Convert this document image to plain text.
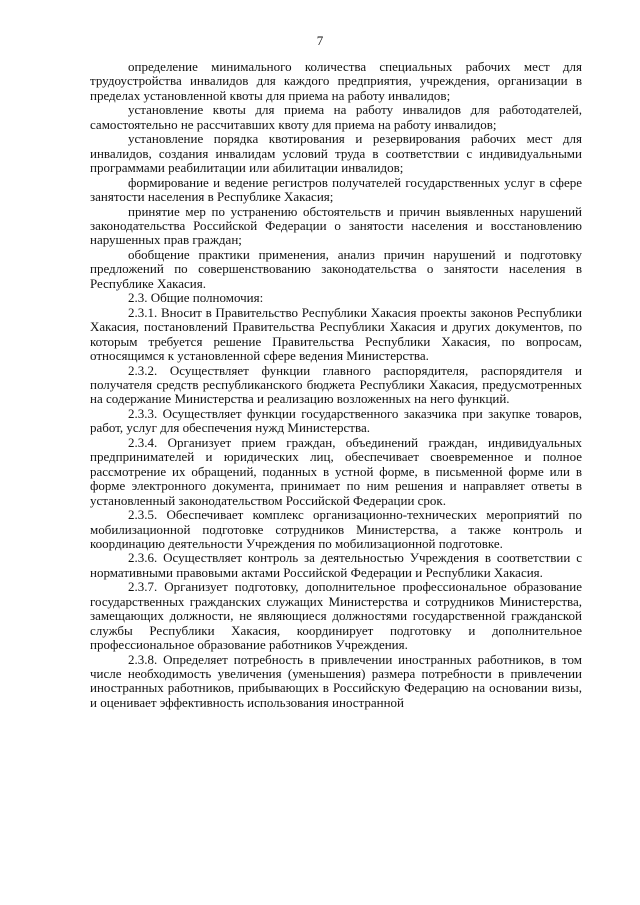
7

определение минимального количества специальных рабочих мест для трудоустройства инвалидов для каждого предприятия, учреждения, организации в пределах установленной квоты для приема на работу инвалидов;

установление квоты для приема на работу инвалидов для работодателей, самостоятельно не рассчитавших квоту для приема на работу инвалидов;

установление порядка квотирования и резервирования рабочих мест для инвалидов, создания инвалидам условий труда в соответствии с индивидуальными программами реабилитации или абилитации инвалидов;

формирование и ведение регистров получателей государственных услуг в сфере занятости населения в Республике Хакасия;

принятие мер по устранению обстоятельств и причин выявленных нарушений законодательства Российской Федерации о занятости населения и восстановлению нарушенных прав граждан;

обобщение практики применения, анализ причин нарушений и подготовку предложений по совершенствованию законодательства о занятости населения в Республике Хакасия.

2.3. Общие полномочия:

2.3.1. Вносит в Правительство Республики Хакасия проекты законов Республики Хакасия, постановлений Правительства Республики Хакасия и других документов, по которым требуется решение Правительства Республики Хакасия, по вопросам, относящимся к установленной сфере ведения Министерства.

2.3.2. Осуществляет функции главного распорядителя, распорядителя и получателя средств республиканского бюджета Республики Хакасия, предусмотренных на содержание Министерства и реализацию возложенных на него функций.

2.3.3. Осуществляет функции государственного заказчика при закупке товаров, работ, услуг для обеспечения нужд Министерства.

2.3.4. Организует прием граждан, объединений граждан, индивидуальных предпринимателей и юридических лиц, обеспечивает своевременное и полное рассмотрение их обращений, поданных в устной форме, в письменной форме или в форме электронного документа, принимает по ним решения и направляет ответы в установленный законодательством Российской Федерации срок.

2.3.5. Обеспечивает комплекс организационно-технических мероприятий по мобилизационной подготовке сотрудников Министерства, а также контроль и координацию деятельности Учреждения по мобилизационной подготовке.

2.3.6. Осуществляет контроль за деятельностью Учреждения в соответствии с нормативными правовыми актами Российской Федерации и Республики Хакасия.

2.3.7. Организует подготовку, дополнительное профессиональное образование государственных гражданских служащих Министерства и сотрудников Министерства, замещающих должности, не являющиеся должностями государственной гражданской службы Республики Хакасия, координирует подготовку и дополнительное профессиональное образование работников Учреждения.

2.3.8. Определяет потребность в привлечении иностранных работников, в том числе необходимость увеличения (уменьшения) размера потребности в привлечении иностранных работников, прибывающих в Российскую Федерацию на основании визы, и оценивает эффективность использования иностранной
